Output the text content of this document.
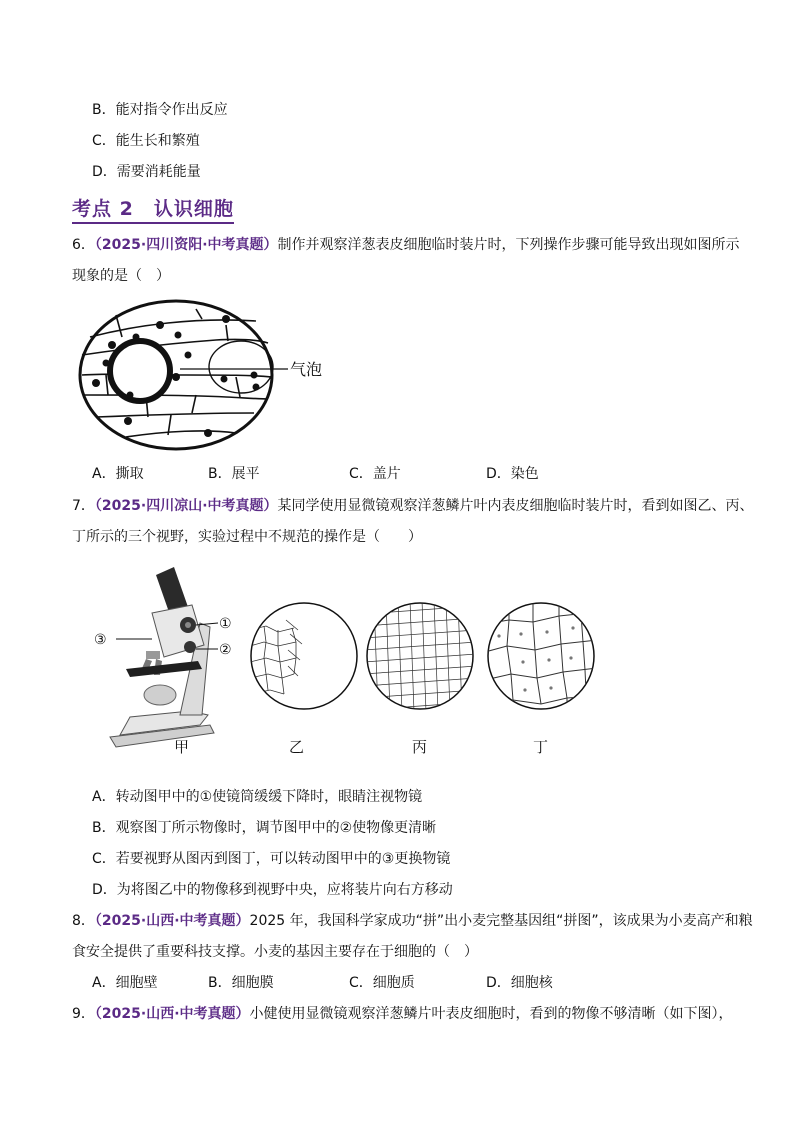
B．能对指令作出反应
C．能生长和繁殖
D．需要消耗能量
考点 2　认识细胞
6．（2025·四川资阳·中考真题）制作并观察洋葱表皮细胞临时装片时，下列操作步骤可能导致出现如图所示
现象的是（　）
气泡
A．撕取	B．展平	C．盖片	D．染色
7．（2025·四川凉山·中考真题）某同学使用显微镜观察洋葱鳞片叶内表皮细胞临时装片时，看到如图乙、丙、
丁所示的三个视野，实验过程中不规范的操作是（　　）
①
②
③
乙	丙	丁
甲
A．转动图甲中的①使镜筒缓缓下降时，眼睛注视物镜
B．观察图丁所示物像时，调节图甲中的②使物像更清晰
C．若要视野从图丙到图丁，可以转动图甲中的③更换物镜
D．为将图乙中的物像移到视野中央，应将装片向右方移动
8．（2025·山西·中考真题）2025 年，我国科学家成功“拼”出小麦完整基因组“拼图”，该成果为小麦高产和粮
食安全提供了重要科技支撑。小麦的基因主要存在于细胞的（　）
A．细胞壁	B．细胞膜	C．细胞质	D．细胞核
9．（2025·山西·中考真题）小健使用显微镜观察洋葱鳞片叶表皮细胞时，看到的物像不够清晰（如下图），
